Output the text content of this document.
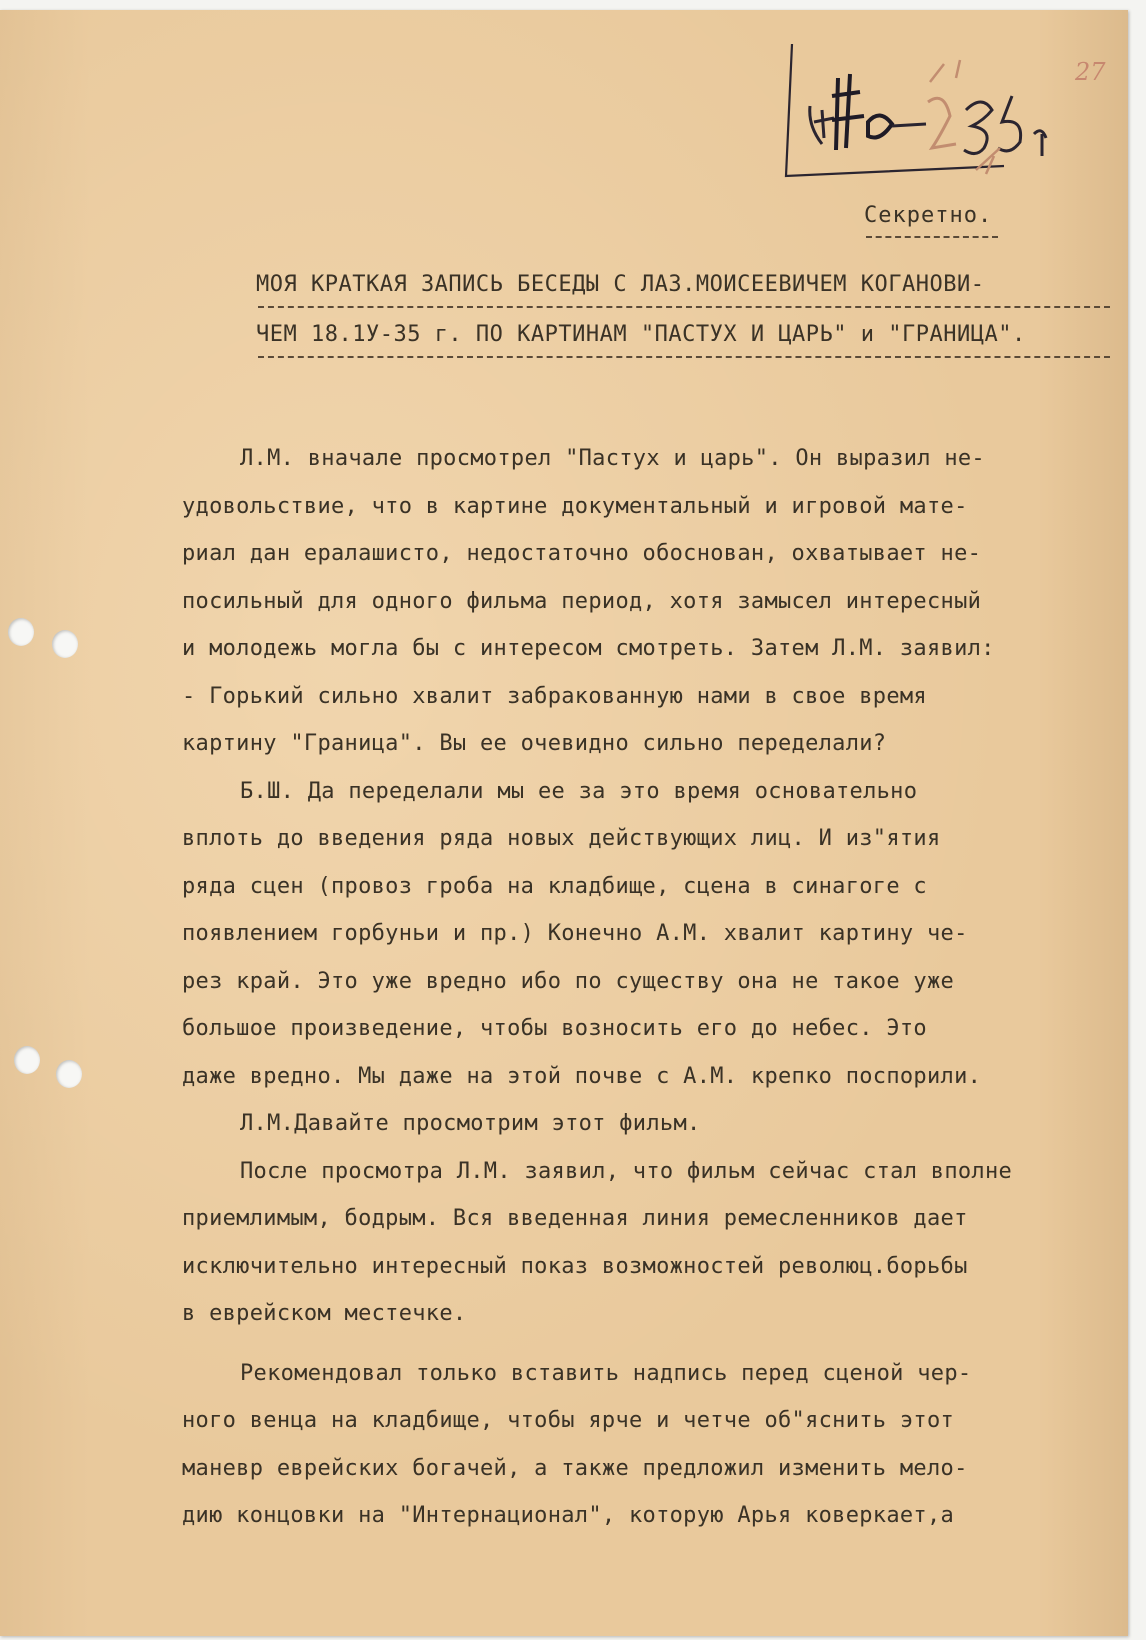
27
Секретно.
МОЯ КРАТКАЯ ЗАПИСЬ БЕСЕДЫ С ЛАЗ.МОИСЕЕВИЧЕМ КОГАНОВИ-
ЧЕМ 18.1У-35 г. ПО КАРТИНАМ "ПАСТУХ И ЦАРЬ" и "ГРАНИЦА".
Л.М. вначале просмотрел "Пастух и царь". Он выразил не-
удовольствие, что в картине документальный и игровой мате-
риал дан ералашисто, недостаточно обоснован, охватывает не-
посильный для одного фильма период, хотя замысел интересный
и молодежь могла бы с интересом смотреть. Затем Л.М. заявил:
- Горький сильно хвалит забракованную нами в свое время
картину "Граница". Вы ее очевидно сильно переделали?
Б.Ш. Да переделали мы ее за это время основательно
вплоть до введения ряда новых действующих лиц. И из"ятия
ряда сцен (провоз гроба на кладбище, сцена в синагоге с
появлением горбуньи и пр.) Конечно А.М. хвалит картину че-
рез край. Это уже вредно ибо по существу она не такое уже
большое произведение, чтобы возносить его до небес. Это
даже вредно. Мы даже на этой почве с А.М. крепко поспорили.
Л.М.Давайте просмотрим этот фильм.
После просмотра Л.М. заявил, что фильм сейчас стал вполне
приемлимым, бодрым. Вся введенная линия ремесленников дает
исключительно интересный показ возможностей революц.борьбы
в еврейском местечке.
Рекомендовал только вставить надпись перед сценой чер-
ного венца на кладбище, чтобы ярче и четче об"яснить этот
маневр еврейских богачей, а также предложил изменить мело-
дию концовки на "Интернационал", которую Арья коверкает,а
